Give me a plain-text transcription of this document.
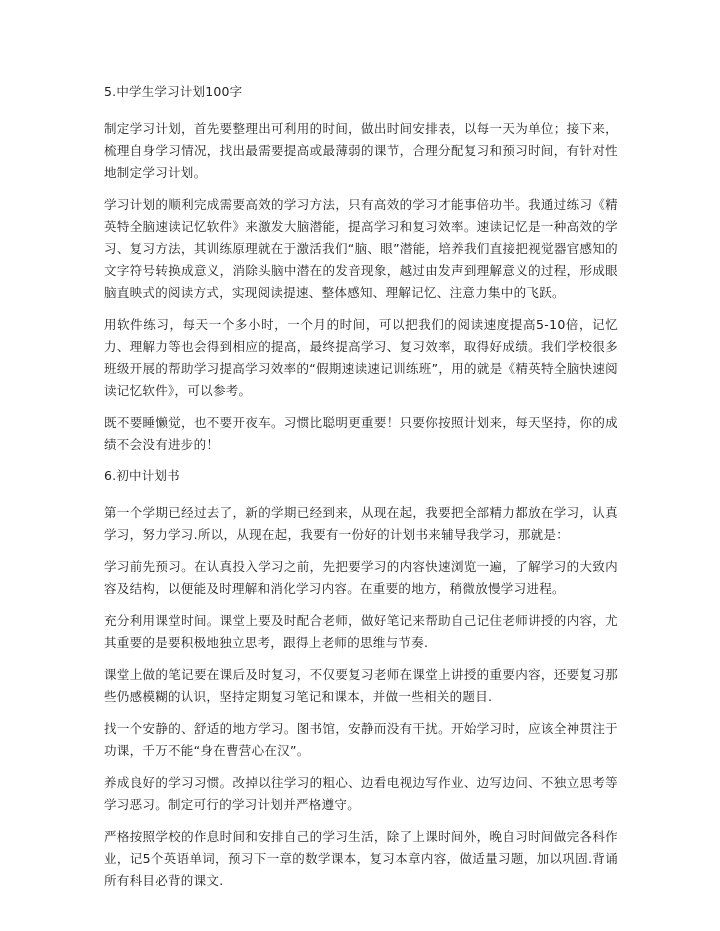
5.中学生学习计划100字

制定学习计划，首先要整理出可利用的时间，做出时间安排表，以每一天为单位；接下来，梳理自身学习情况，找出最需要提高或最薄弱的课节，合理分配复习和预习时间，有针对性地制定学习计划。

学习计划的顺利完成需要高效的学习方法，只有高效的学习才能事倍功半。我通过练习《精英特全脑速读记忆软件》来激发大脑潜能，提高学习和复习效率。速读记忆是一种高效的学习、复习方法，其训练原理就在于激活我们“脑、眼”潜能，培养我们直接把视觉器官感知的文字符号转换成意义，消除头脑中潜在的发音现象，越过由发声到理解意义的过程，形成眼脑直映式的阅读方式，实现阅读提速、整体感知、理解记忆、注意力集中的飞跃。

用软件练习，每天一个多小时，一个月的时间，可以把我们的阅读速度提高5-10倍，记忆力、理解力等也会得到相应的提高，最终提高学习、复习效率，取得好成绩。我们学校很多班级开展的帮助学习提高学习效率的“假期速读速记训练班”，用的就是《精英特全脑快速阅读记忆软件》，可以参考。

既不要睡懒觉，也不要开夜车。习惯比聪明更重要！只要你按照计划来，每天坚持，你的成绩不会没有进步的！

6.初中计划书

第一个学期已经过去了，新的学期已经到来，从现在起，我要把全部精力都放在学习，认真学习，努力学习.所以，从现在起，我要有一份好的计划书来辅导我学习，那就是：

学习前先预习。在认真投入学习之前，先把要学习的内容快速浏览一遍，了解学习的大致内容及结构，以便能及时理解和消化学习内容。在重要的地方，稍微放慢学习进程。

充分利用课堂时间。课堂上要及时配合老师，做好笔记来帮助自己记住老师讲授的内容，尤其重要的是要积极地独立思考，跟得上老师的思维与节奏.

课堂上做的笔记要在课后及时复习，不仅要复习老师在课堂上讲授的重要内容，还要复习那些仍感模糊的认识，坚持定期复习笔记和课本，并做一些相关的题目.

找一个安静的、舒适的地方学习。图书馆，安静而没有干扰。开始学习时，应该全神贯注于功课，千万不能“身在曹营心在汉”。

养成良好的学习习惯。改掉以往学习的粗心、边看电视边写作业、边写边问、不独立思考等学习恶习。制定可行的学习计划并严格遵守。

严格按照学校的作息时间和安排自己的学习生活，除了上课时间外，晚自习时间做完各科作业，记5个英语单词，预习下一章的数学课本，复习本章内容，做适量习题，加以巩固.背诵所有科目必背的课文.
